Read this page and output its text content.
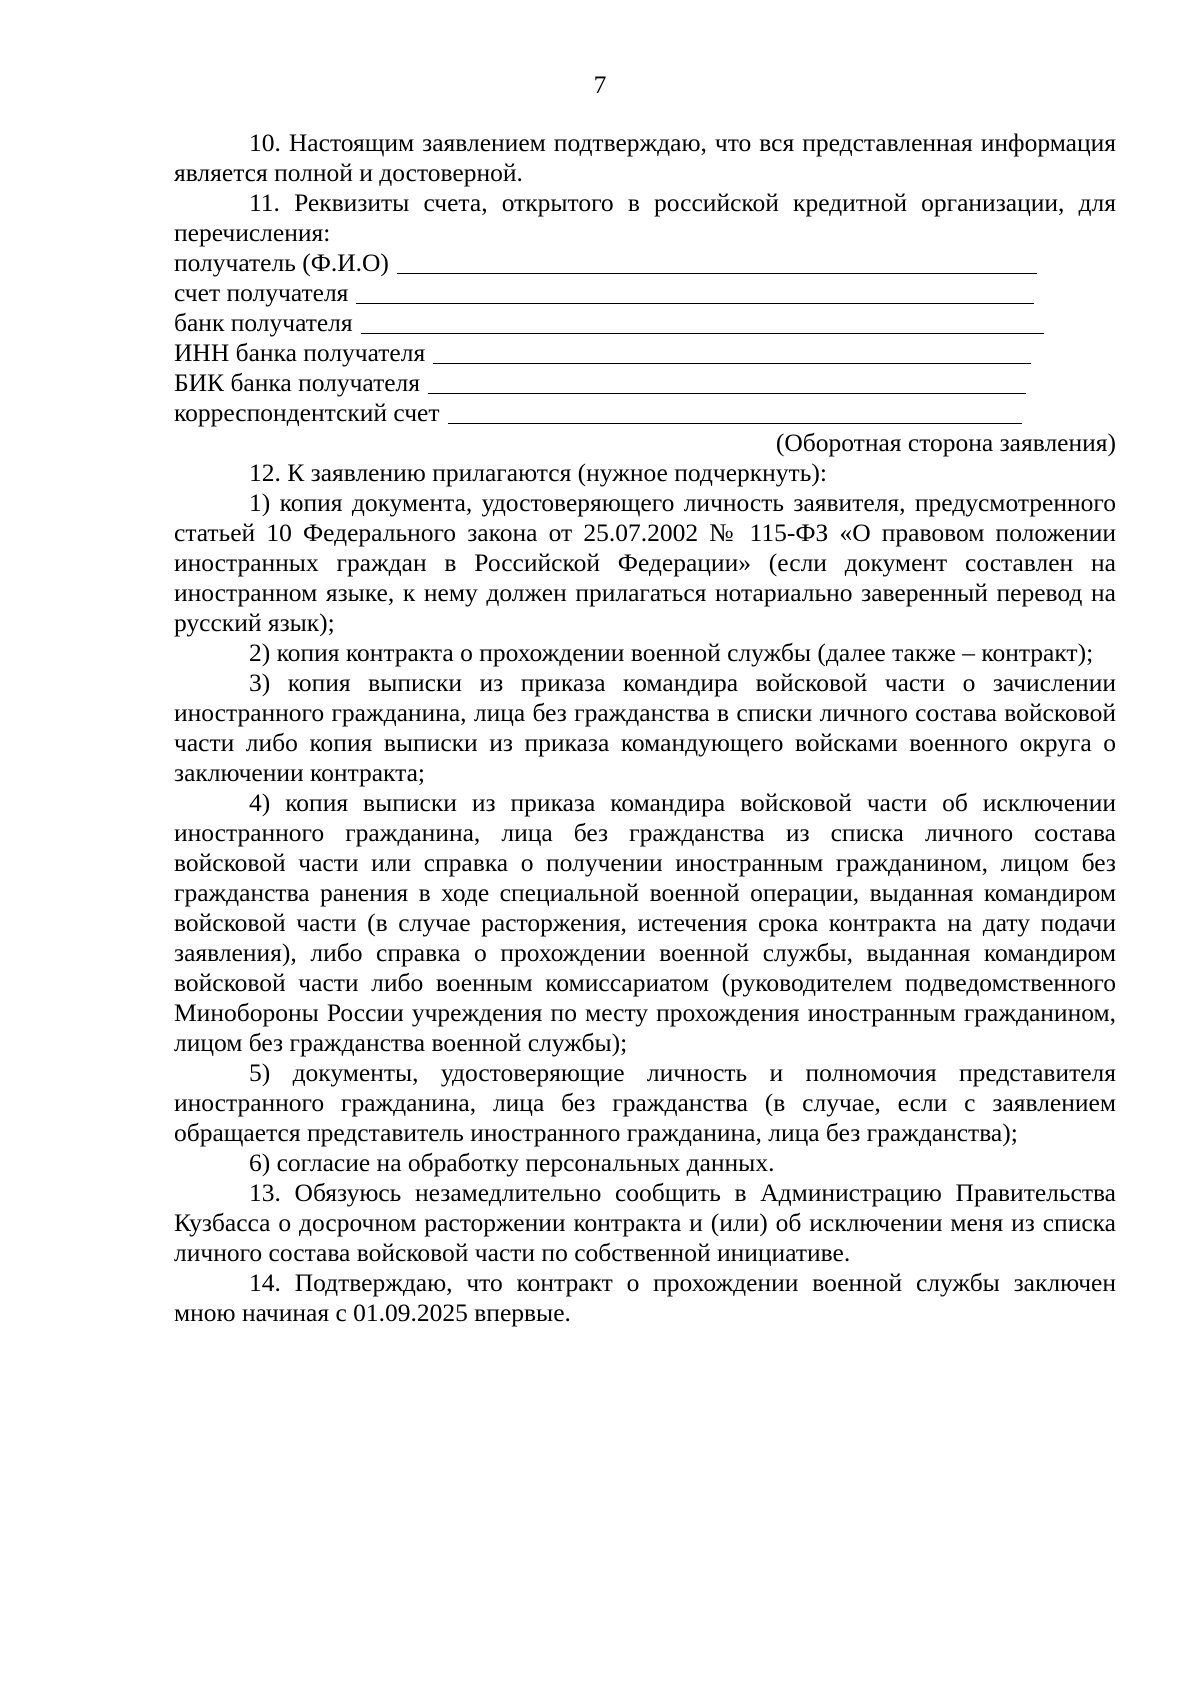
7

10. Настоящим заявлением подтверждаю, что вся представленная информация является полной и достоверной.

11. Реквизиты счета, открытого в российской кредитной организации, для перечисления:

получатель (Ф.И.О)
счет получателя
банк получателя
ИНН банка получателя
БИК банка получателя
корреспондентский счет

(Оборотная сторона заявления)

12. К заявлению прилагаются (нужное подчеркнуть):

1) копия документа, удостоверяющего личность заявителя, предусмотренного статьей 10 Федерального закона от 25.07.2002 № 115-ФЗ «О правовом положении иностранных граждан в Российской Федерации» (если документ составлен на иностранном языке, к нему должен прилагаться нотариально заверенный перевод на русский язык);

2) копия контракта о прохождении военной службы (далее также – контракт);

3) копия выписки из приказа командира войсковой части о зачислении иностранного гражданина, лица без гражданства в списки личного состава войсковой части либо копия выписки из приказа командующего войсками военного округа о заключении контракта;

4) копия выписки из приказа командира войсковой части об исключении иностранного гражданина, лица без гражданства из списка личного состава войсковой части или справка о получении иностранным гражданином, лицом без гражданства ранения в ходе специальной военной операции, выданная командиром войсковой части (в случае расторжения, истечения срока контракта на дату подачи заявления), либо справка о прохождении военной службы, выданная командиром войсковой части либо военным комиссариатом (руководителем подведомственного Минобороны России учреждения по месту прохождения иностранным гражданином, лицом без гражданства военной службы);

5) документы, удостоверяющие личность и полномочия представителя иностранного гражданина, лица без гражданства (в случае, если с заявлением обращается представитель иностранного гражданина, лица без гражданства);

6) согласие на обработку персональных данных.

13. Обязуюсь незамедлительно сообщить в Администрацию Правительства Кузбасса о досрочном расторжении контракта и (или) об исключении меня из списка личного состава войсковой части по собственной инициативе.

14. Подтверждаю, что контракт о прохождении военной службы заключен мною начиная с 01.09.2025 впервые.
